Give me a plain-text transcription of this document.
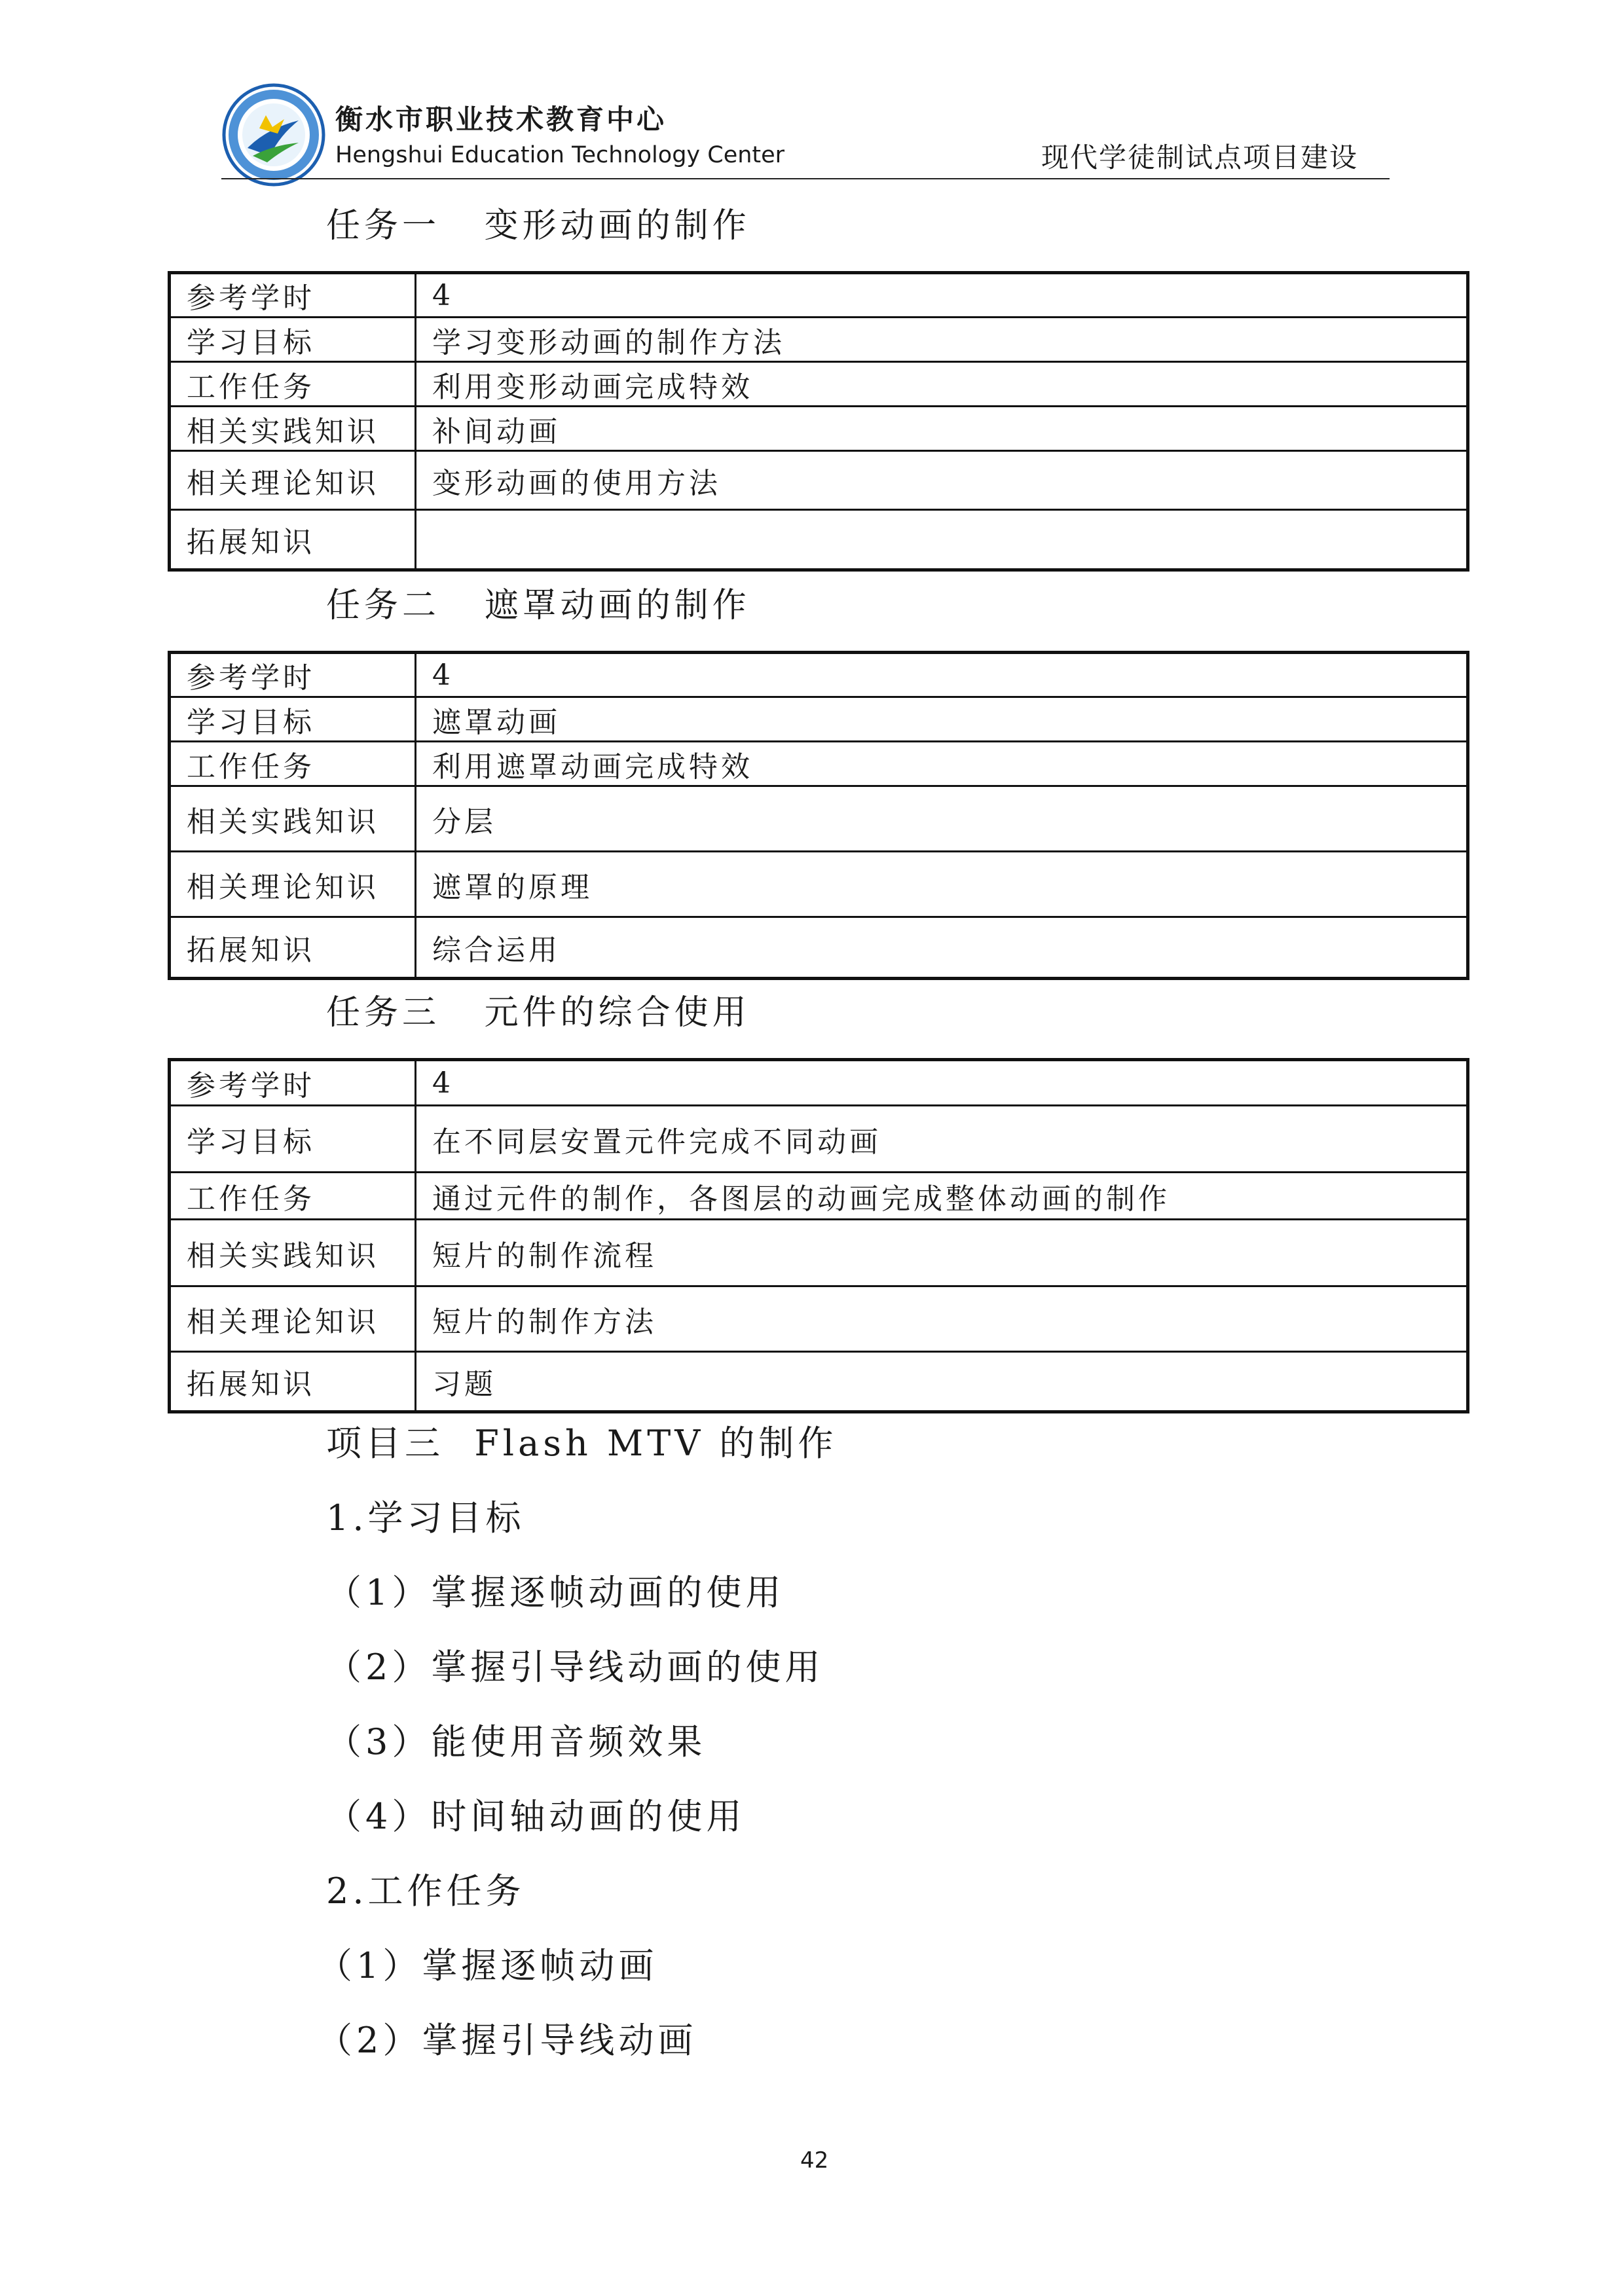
衡水市职业技术教育中心
Hengshui Education Technology Center	现代学徒制试点项目建设
任务一   变形动画的制作
参考学时	4
学习目标	学习变形动画的制作方法
工作任务	利用变形动画完成特效
相关实践知识	补间动画
相关理论知识	变形动画的使用方法
拓展知识	
任务二   遮罩动画的制作
参考学时	4
学习目标	遮罩动画
工作任务	利用遮罩动画完成特效
相关实践知识	分层
相关理论知识	遮罩的原理
拓展知识	综合运用
任务三   元件的综合使用
参考学时	4
学习目标	在不同层安置元件完成不同动画
工作任务	通过元件的制作，各图层的动画完成整体动画的制作
相关实践知识	短片的制作流程
相关理论知识	短片的制作方法
拓展知识	习题
项目三  Flash MTV 的制作
1.学习目标
（1）掌握逐帧动画的使用
（2）掌握引导线动画的使用
（3）能使用音频效果
（4）时间轴动画的使用
2.工作任务
（1）掌握逐帧动画
（2）掌握引导线动画
42
